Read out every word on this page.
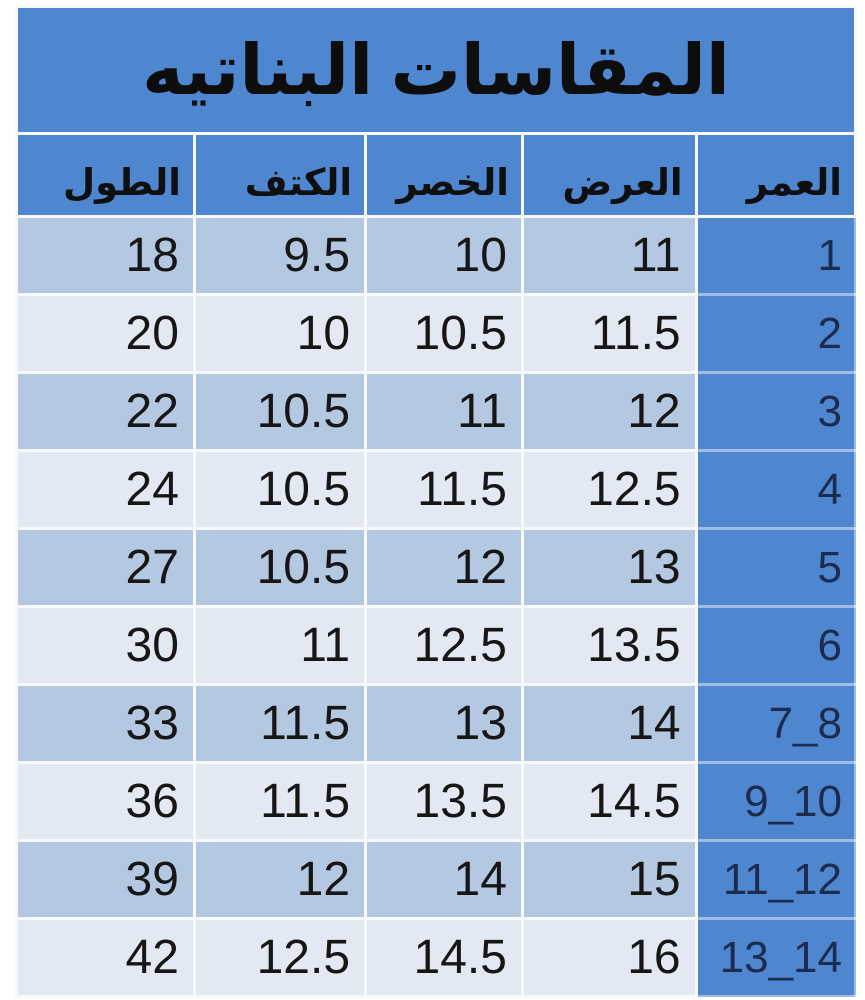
المقاسات البناتيه				
العمر	العرض	الخصر	الكتف	الطول
1	11	10	9.5	18
2	11.5	10.5	10	20
3	12	11	10.5	22
4	12.5	11.5	10.5	24
5	13	12	10.5	27
6	13.5	12.5	11	30
7_8	14	13	11.5	33
9_10	14.5	13.5	11.5	36
11_12	15	14	12	39
13_14	16	14.5	12.5	42
